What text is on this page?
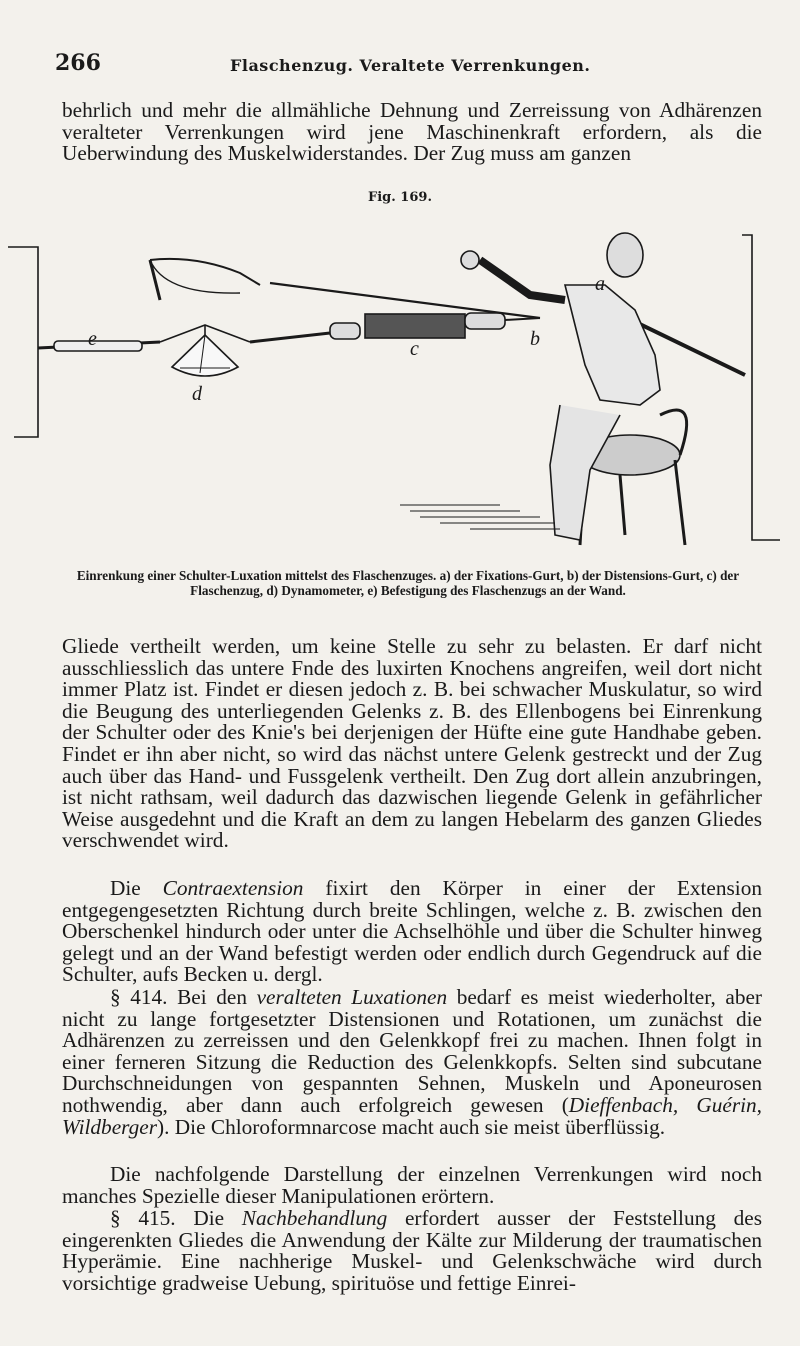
266	Flaschenzug. Veraltete Verrenkungen.
behrlich und mehr die allmähliche Dehnung und Zerreissung von Adhärenzen veralteter Verrenkungen wird jene Maschinenkraft erfordern, als die Ueberwindung des Muskelwiderstandes. Der Zug muss am ganzen
Fig. 169.
e
d
c	b
a
Einrenkung einer Schulter-Luxation mittelst des Flaschenzuges. a) der Fixations-Gurt, b) der Distensions-Gurt, c) der Flaschenzug, d) Dynamometer, e) Befestigung des Flaschenzugs an der Wand.
Gliede vertheilt werden, um keine Stelle zu sehr zu belasten. Er darf nicht ausschliesslich das untere Fnde des luxirten Knochens angreifen, weil dort nicht immer Platz ist. Findet er diesen jedoch z. B. bei schwacher Muskulatur, so wird die Beugung des unterliegenden Gelenks z. B. des Ellenbogens bei Einrenkung der Schulter oder des Knie's bei derjenigen der Hüfte eine gute Handhabe geben. Findet er ihn aber nicht, so wird das nächst untere Gelenk gestreckt und der Zug auch über das Hand- und Fussgelenk vertheilt. Den Zug dort allein anzubringen, ist nicht rathsam, weil dadurch das dazwischen liegende Gelenk in gefährlicher Weise ausgedehnt und die Kraft an dem zu langen Hebelarm des ganzen Gliedes verschwendet wird.
Die Contraextension fixirt den Körper in einer der Extension entgegengesetzten Richtung durch breite Schlingen, welche z. B. zwischen den Oberschenkel hindurch oder unter die Achselhöhle und über die Schulter hinweg gelegt und an der Wand befestigt werden oder endlich durch Gegendruck auf die Schulter, aufs Becken u. dergl.
§ 414. Bei den veralteten Luxationen bedarf es meist wiederholter, aber nicht zu lange fortgesetzter Distensionen und Rotationen, um zunächst die Adhärenzen zu zerreissen und den Gelenkkopf frei zu machen. Ihnen folgt in einer ferneren Sitzung die Reduction des Gelenkkopfs. Selten sind subcutane Durchschneidungen von gespannten Sehnen, Muskeln und Aponeurosen nothwendig, aber dann auch erfolgreich gewesen (Dieffenbach, Guérin, Wildberger). Die Chloroformnarcose macht auch sie meist überflüssig.
Die nachfolgende Darstellung der einzelnen Verrenkungen wird noch manches Spezielle dieser Manipulationen erörtern.
§ 415. Die Nachbehandlung erfordert ausser der Feststellung des eingerenkten Gliedes die Anwendung der Kälte zur Milderung der traumatischen Hyperämie. Eine nachherige Muskel- und Gelenkschwäche wird durch vorsichtige gradweise Uebung, spirituöse und fettige Einrei-
